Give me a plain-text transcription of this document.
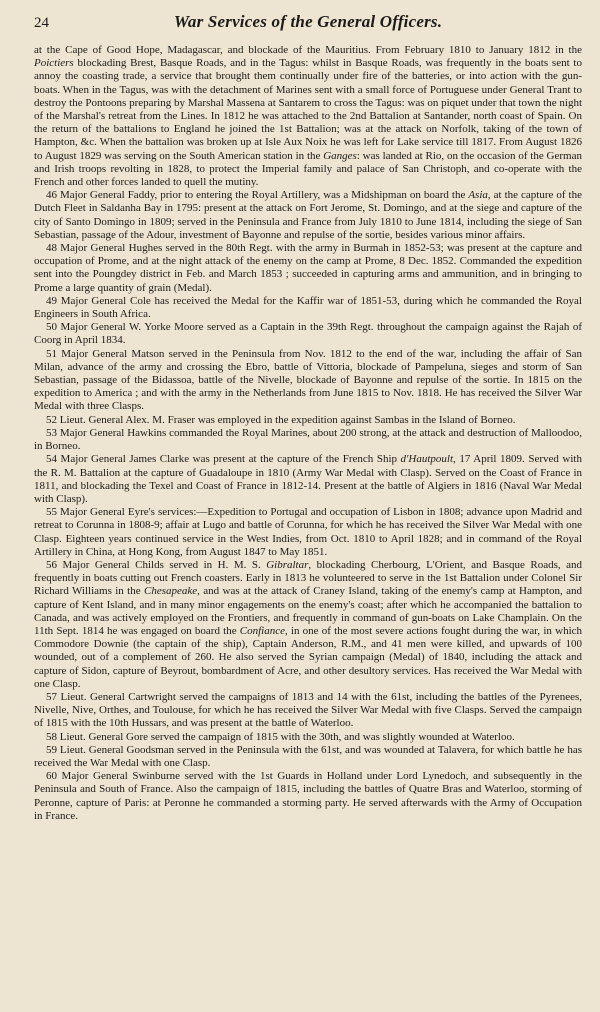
24	War Services of the General Officers.

at the Cape of Good Hope, Madagascar, and blockade of the Mauritius. From February 1810 to January 1812 in the Poictiers blockading Brest, Basque Roads, and in the Tagus: whilst in Basque Roads, was frequently in the boats sent to annoy the coasting trade, a service that brought them continually under fire of the batteries, or into action with the gun-boats. When in the Tagus, was with the detachment of Marines sent with a small force of Portuguese under General Trant to destroy the Pontoons preparing by Marshal Massena at Santarem to cross the Tagus: was on piquet under that town the night of the Marshal's retreat from the Lines. In 1812 he was attached to the 2nd Battalion at Santander, north coast of Spain. On the return of the battalions to England he joined the 1st Battalion; was at the attack on Norfolk, taking of the town of Hampton, &c. When the battalion was broken up at Isle Aux Noix he was left for Lake service till 1817. From August 1826 to August 1829 was serving on the South American station in the Ganges: was landed at Rio, on the occasion of the German and Irish troops revolting in 1828, to protect the Imperial family and palace of San Christoph, and co-operate with the French and other forces landed to quell the mutiny.

46 Major General Faddy, prior to entering the Royal Artillery, was a Midshipman on board the Asia, at the capture of the Dutch Fleet in Saldanha Bay in 1795: present at the attack on Fort Jerome, St. Domingo, and at the siege and capture of the city of Santo Domingo in 1809; served in the Peninsula and France from July 1810 to June 1814, including the siege of San Sebastian, passage of the Adour, investment of Bayonne and repulse of the sortie, besides various minor affairs.

48 Major General Hughes served in the 80th Regt. with the army in Burmah in 1852-53; was present at the capture and occupation of Prome, and at the night attack of the enemy on the camp at Prome, 8 Dec. 1852. Commanded the expedition sent into the Poungdey district in Feb. and March 1853 ; succeeded in capturing arms and ammunition, and in bringing to Prome a large quantity of grain (Medal).

49 Major General Cole has received the Medal for the Kaffir war of 1851-53, during which he commanded the Royal Engineers in South Africa.

50 Major General W. Yorke Moore served as a Captain in the 39th Regt. throughout the campaign against the Rajah of Coorg in April 1834.

51 Major General Matson served in the Peninsula from Nov. 1812 to the end of the war, including the affair of San Milan, advance of the army and crossing the Ebro, battle of Vittoria, blockade of Pampeluna, sieges and storm of San Sebastian, passage of the Bidassoa, battle of the Nivelle, blockade of Bayonne and repulse of the sortie. In 1815 on the expedition to America ; and with the army in the Netherlands from June 1815 to Nov. 1818. He has received the Silver War Medal with three Clasps.

52 Lieut. General Alex. M. Fraser was employed in the expedition against Sambas in the Island of Borneo.

53 Major General Hawkins commanded the Royal Marines, about 200 strong, at the attack and destruction of Malloodoo, in Borneo.

54 Major General James Clarke was present at the capture of the French Ship d'Hautpoult, 17 April 1809. Served with the R. M. Battalion at the capture of Guadaloupe in 1810 (Army War Medal with Clasp). Served on the Coast of France in 1811, and blockading the Texel and Coast of France in 1812-14. Present at the battle of Algiers in 1816 (Naval War Medal with Clasp).

55 Major General Eyre's services:—Expedition to Portugal and occupation of Lisbon in 1808; advance upon Madrid and retreat to Corunna in 1808-9; affair at Lugo and battle of Corunna, for which he has received the Silver War Medal with one Clasp. Eighteen years continued service in the West Indies, from Oct. 1810 to April 1828; and in command of the Royal Artillery in China, at Hong Kong, from August 1847 to May 1851.

56 Major General Childs served in H. M. S. Gibraltar, blockading Cherbourg, L'Orient, and Basque Roads, and frequently in boats cutting out French coasters. Early in 1813 he volunteered to serve in the 1st Battalion under Colonel Sir Richard Williams in the Chesapeake, and was at the attack of Craney Island, taking of the enemy's camp at Hampton, and capture of Kent Island, and in many minor engagements on the enemy's coast; after which he accompanied the battalion to Canada, and was actively employed on the Frontiers, and frequently in command of gun-boats on Lake Champlain. On the 11th Sept. 1814 he was engaged on board the Confiance, in one of the most severe actions fought during the war, in which Commodore Downie (the captain of the ship), Captain Anderson, R.M., and 41 men were killed, and upwards of 100 wounded, out of a complement of 260. He also served the Syrian campaign (Medal) of 1840, including the attack and capture of Sidon, capture of Beyrout, bombardment of Acre, and other desultory services. Has received the War Medal with one Clasp.

57 Lieut. General Cartwright served the campaigns of 1813 and 14 with the 61st, including the battles of the Pyrenees, Nivelle, Nive, Orthes, and Toulouse, for which he has received the Silver War Medal with five Clasps. Served the campaign of 1815 with the 10th Hussars, and was present at the battle of Waterloo.

58 Lieut. General Gore served the campaign of 1815 with the 30th, and was slightly wounded at Waterloo.

59 Lieut. General Goodsman served in the Peninsula with the 61st, and was wounded at Talavera, for which battle he has received the War Medal with one Clasp.

60 Major General Swinburne served with the 1st Guards in Holland under Lord Lynedoch, and subsequently in the Peninsula and South of France. Also the campaign of 1815, including the battles of Quatre Bras and Waterloo, storming of Peronne, capture of Paris: at Peronne he commanded a storming party. He served afterwards with the Army of Occupation in France.
